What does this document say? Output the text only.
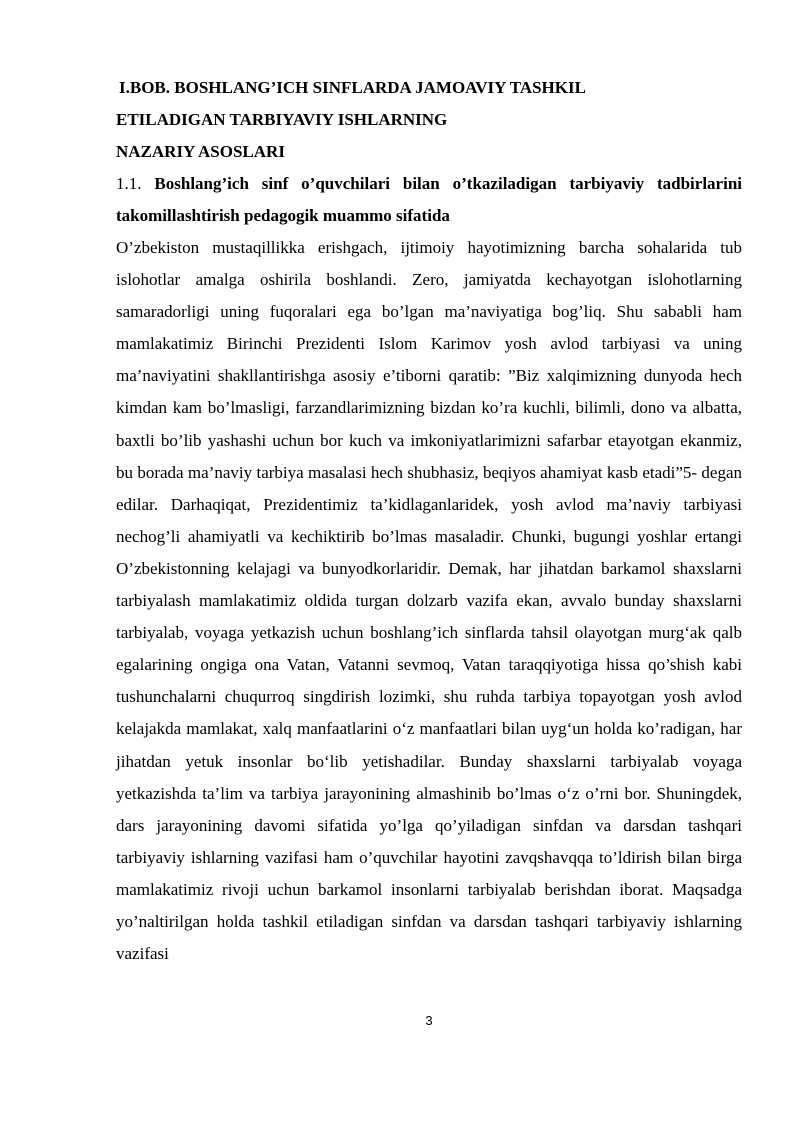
I.BOB. BOSHLANG’ICH SINFLARDA JAMOAVIY TASHKIL
ETILADIGAN TARBIYAVIY ISHLARNING
NAZARIY ASOSLARI
1.1. Boshlang’ich sinf o’quvchilari bilan o’tkaziladigan tarbiyaviy tadbirlarini takomillashtirish pedagogik muammo sifatida

O’zbekiston mustaqillikka erishgach, ijtimoiy hayotimizning barcha sohalarida tub islohotlar amalga oshirila boshlandi. Zero, jamiyatda kechayotgan islohotlarning samaradorligi uning fuqoralari ega bo’lgan ma’naviyatiga bog’liq. Shu sababli ham mamlakatimiz Birinchi Prezidenti Islom Karimov yosh avlod tarbiyasi va uning ma’naviyatini shakllantirishga asosiy e’tiborni qaratib: ”Biz xalqimizning dunyoda hech kimdan kam bo’lmasligi, farzandlarimizning bizdan ko’ra kuchli, bilimli, dono va albatta, baxtli bo’lib yashashi uchun bor kuch va imkoniyatlarimizni safarbar etayotgan ekanmiz, bu borada ma’naviy tarbiya masalasi hech shubhasiz, beqiyos ahamiyat kasb etadi”5- degan edilar. Darhaqiqat, Prezidentimiz ta’kidlaganlaridek, yosh avlod ma’naviy tarbiyasi nechog’li ahamiyatli va kechiktirib bo’lmas masaladir. Chunki, bugungi yoshlar ertangi O’zbekistonning kelajagi va bunyodkorlaridir. Demak, har jihatdan barkamol shaxslarni tarbiyalash mamlakatimiz oldida turgan dolzarb vazifa ekan, avvalo bunday shaxslarni tarbiyalab, voyaga yetkazish uchun boshlang’ich sinflarda tahsil olayotgan murg‘ak qalb egalarining ongiga ona Vatan, Vatanni sevmoq, Vatan taraqqiyotiga hissa qo’shish kabi tushunchalarni chuqurroq singdirish lozimki, shu ruhda tarbiya topayotgan yosh avlod kelajakda mamlakat, xalq manfaatlarini o‘z manfaatlari bilan uyg‘un holda ko’radigan, har jihatdan yetuk insonlar bo‘lib yetishadilar. Bunday shaxslarni tarbiyalab voyaga yetkazishda ta’lim va tarbiya jarayonining almashinib bo’lmas o‘z o’rni bor. Shuningdek, dars jarayonining davomi sifatida yo’lga qo’yiladigan sinfdan va darsdan tashqari tarbiyaviy ishlarning vazifasi ham o’quvchilar hayotini zavqshavqqa to’ldirish bilan birga mamlakatimiz rivoji uchun barkamol insonlarni tarbiyalab berishdan iborat. Maqsadga yo’naltirilgan holda tashkil etiladigan sinfdan va darsdan tashqari tarbiyaviy ishlarning vazifasi

3
